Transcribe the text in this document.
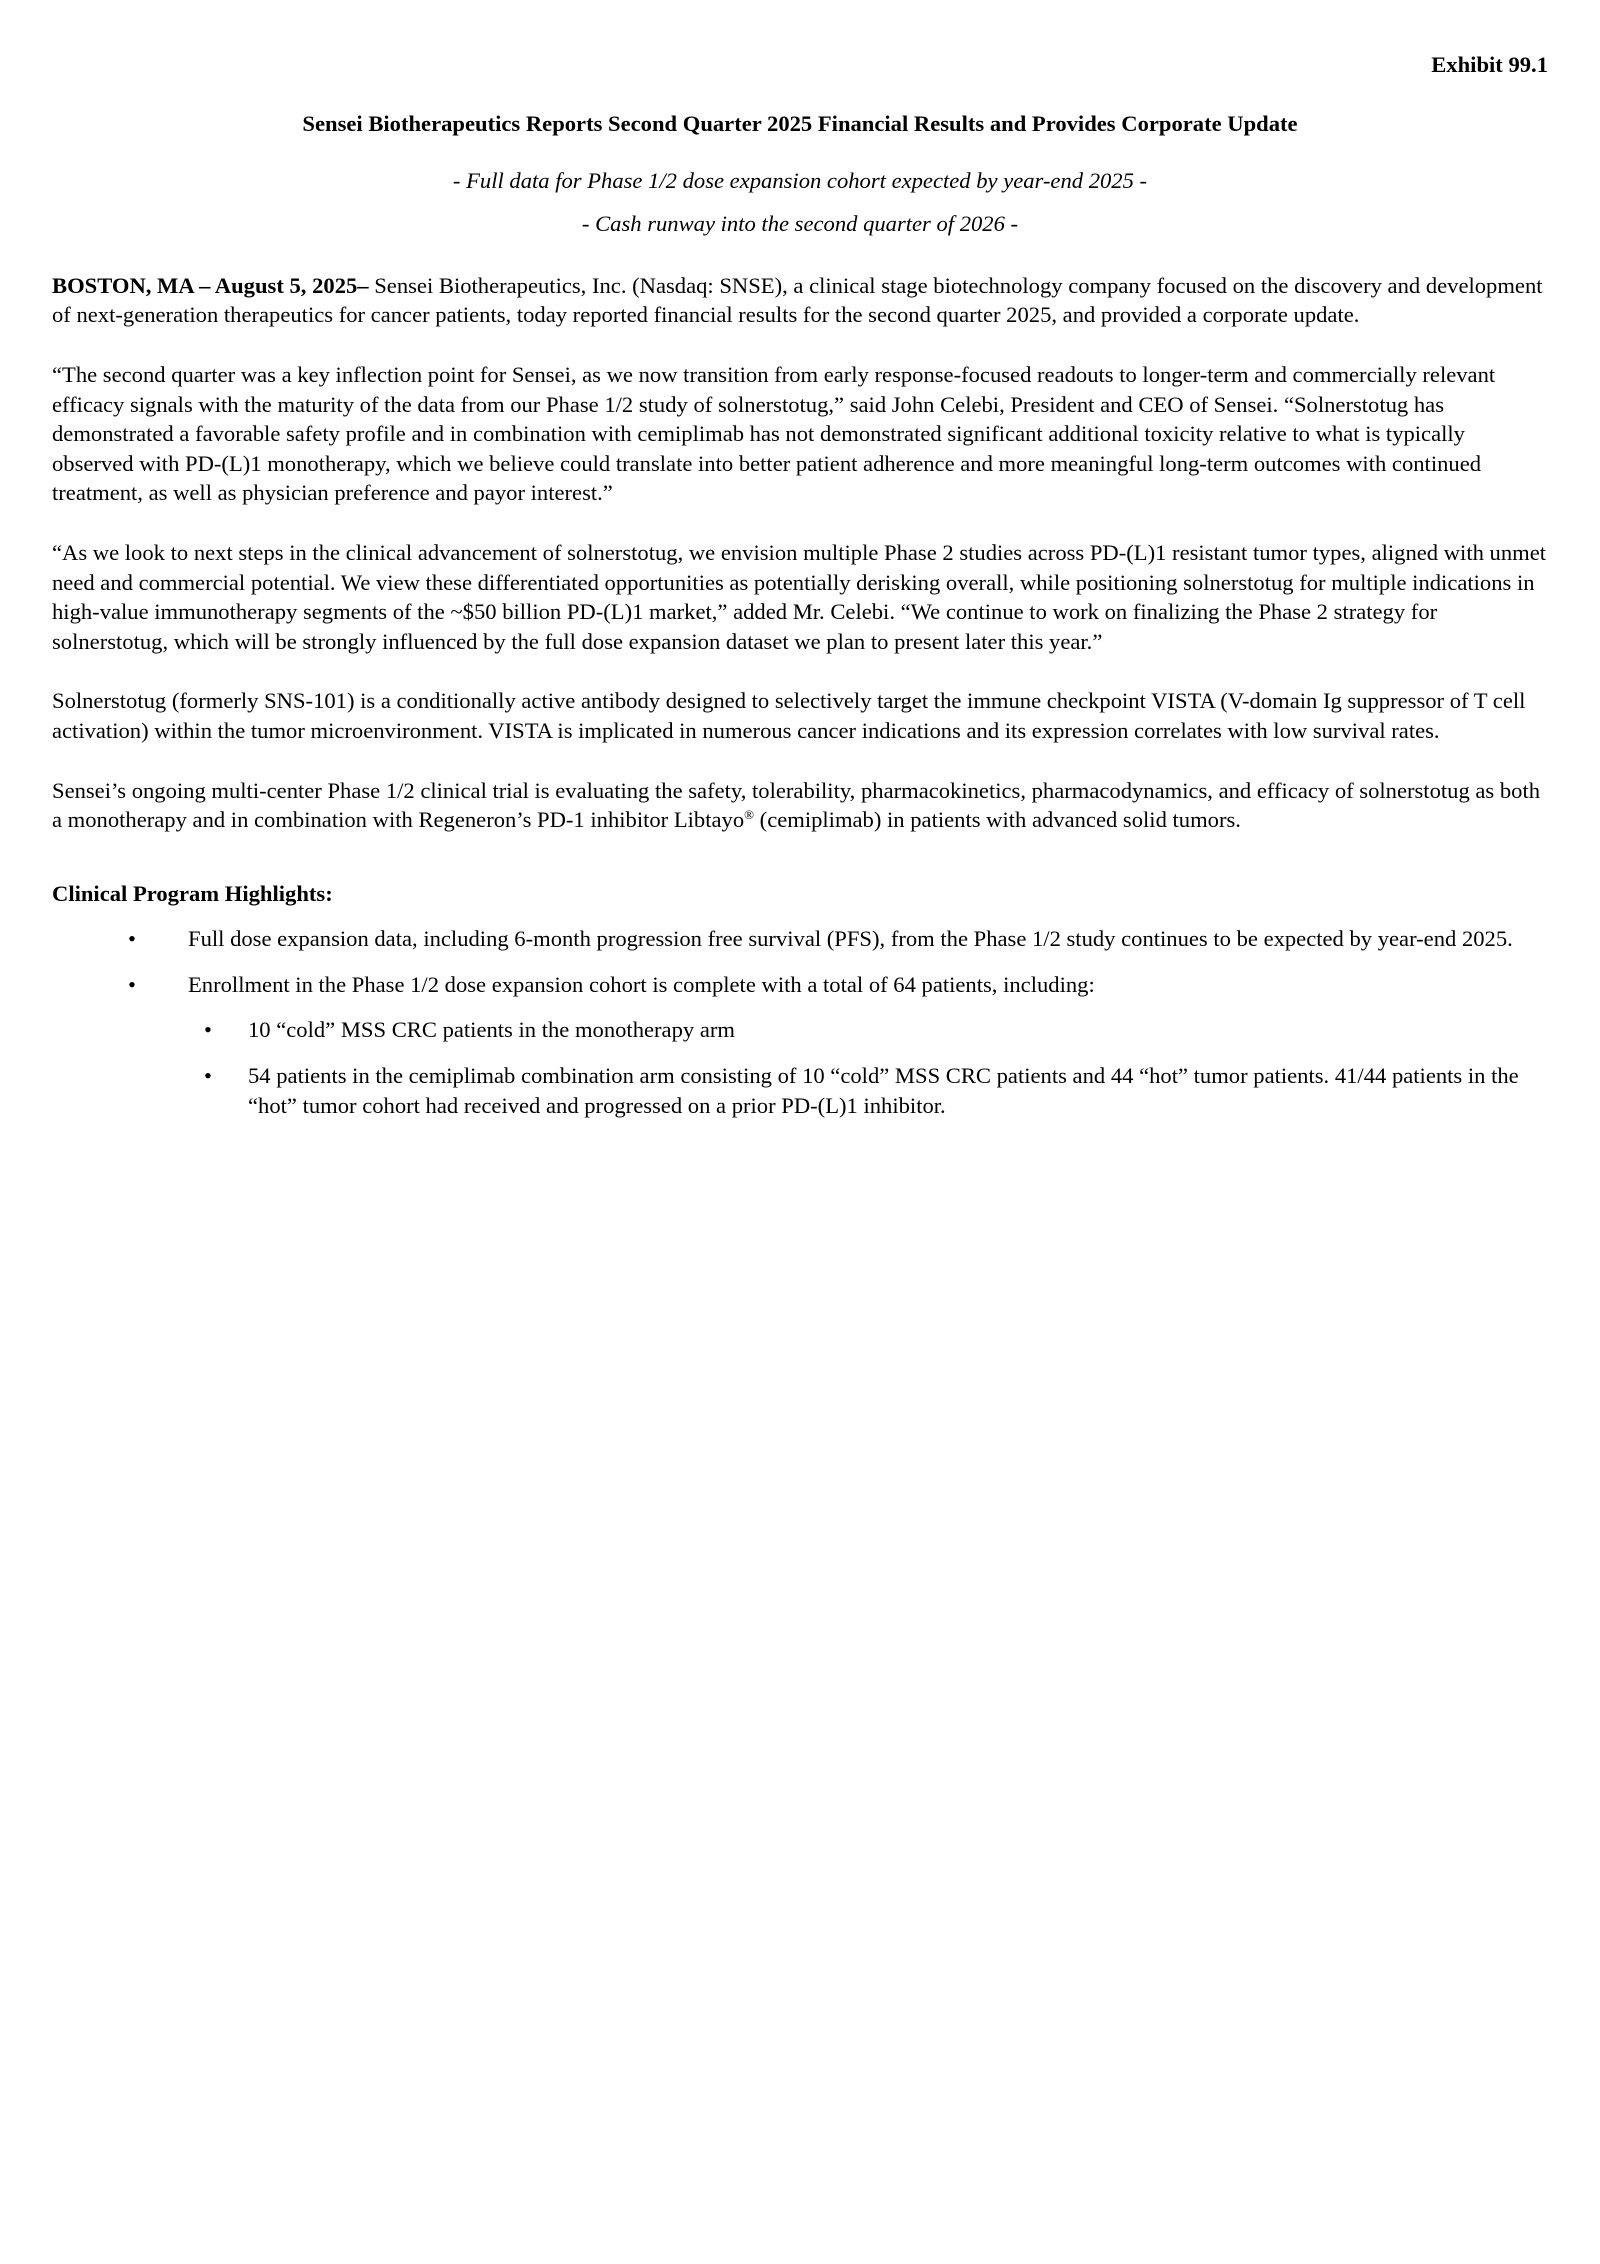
Exhibit 99.1

Sensei Biotherapeutics Reports Second Quarter 2025 Financial Results and Provides Corporate Update

- Full data for Phase 1/2 dose expansion cohort expected by year-end 2025 -

- Cash runway into the second quarter of 2026 -

BOSTON, MA – August 5, 2025– Sensei Biotherapeutics, Inc. (Nasdaq: SNSE), a clinical stage biotechnology company focused on the discovery and development of next-generation therapeutics for cancer patients, today reported financial results for the second quarter 2025, and provided a corporate update.

“The second quarter was a key inflection point for Sensei, as we now transition from early response-focused readouts to longer-term and commercially relevant efficacy signals with the maturity of the data from our Phase 1/2 study of solnerstotug,” said John Celebi, President and CEO of Sensei. “Solnerstotug has demonstrated a favorable safety profile and in combination with cemiplimab has not demonstrated significant additional toxicity relative to what is typically observed with PD-(L)1 monotherapy, which we believe could translate into better patient adherence and more meaningful long-term outcomes with continued treatment, as well as physician preference and payor interest.”

“As we look to next steps in the clinical advancement of solnerstotug, we envision multiple Phase 2 studies across PD-(L)1 resistant tumor types, aligned with unmet need and commercial potential. We view these differentiated opportunities as potentially derisking overall, while positioning solnerstotug for multiple indications in high-value immunotherapy segments of the ~$50 billion PD-(L)1 market,” added Mr. Celebi. “We continue to work on finalizing the Phase 2 strategy for solnerstotug, which will be strongly influenced by the full dose expansion dataset we plan to present later this year.”

Solnerstotug (formerly SNS-101) is a conditionally active antibody designed to selectively target the immune checkpoint VISTA (V-domain Ig suppressor of T cell activation) within the tumor microenvironment. VISTA is implicated in numerous cancer indications and its expression correlates with low survival rates.

Sensei’s ongoing multi-center Phase 1/2 clinical trial is evaluating the safety, tolerability, pharmacokinetics, pharmacodynamics, and efficacy of solnerstotug as both a monotherapy and in combination with Regeneron’s PD-1 inhibitor Libtayo® (cemiplimab) in patients with advanced solid tumors.

Clinical Program Highlights:

• Full dose expansion data, including 6-month progression free survival (PFS), from the Phase 1/2 study continues to be expected by year-end 2025.
• Enrollment in the Phase 1/2 dose expansion cohort is complete with a total of 64 patients, including:
• 10 “cold” MSS CRC patients in the monotherapy arm
• 54 patients in the cemiplimab combination arm consisting of 10 “cold” MSS CRC patients and 44 “hot” tumor patients. 41/44 patients in the “hot” tumor cohort had received and progressed on a prior PD-(L)1 inhibitor.
